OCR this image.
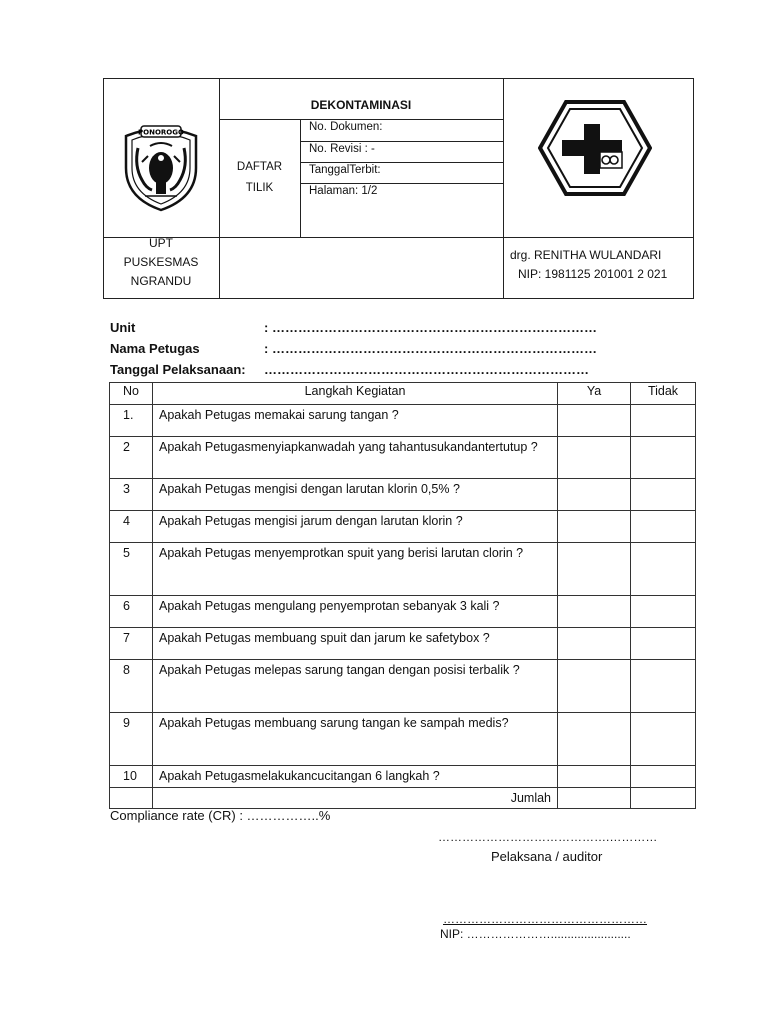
PONOROGO
DEKONTAMINASI
DAFTAR
TILIK
No. Dokumen:
No. Revisi : -
TanggalTerbit:
Halaman: 1/2
UPT
PUSKESMAS
NGRANDU
drg. RENITHA WULANDARI
NIP: 1981125 201001 2 021
Unit	: …………………………………………………………………
Nama Petugas	: …………………………………………………………………
Tanggal Pelaksanaan: …………………………………………………………………
No	Langkah Kegiatan	Ya	Tidak
1.	Apakah Petugas memakai sarung tangan ?		
2	Apakah Petugasmenyiapkanwadah yang tahantusukandantertutup ?		
3	Apakah Petugas mengisi dengan larutan klorin 0,5% ?		
4	Apakah Petugas mengisi jarum dengan larutan klorin ?		
5	Apakah Petugas menyemprotkan spuit yang berisi larutan clorin ?		
6	Apakah Petugas mengulang penyemprotan sebanyak 3 kali ?		
7	Apakah Petugas membuang spuit dan jarum ke safetybox ?		
8	Apakah Petugas melepas sarung tangan dengan posisi terbalik ?		
9	Apakah Petugas membuang sarung tangan ke sampah medis?		
10	Apakah Petugasmelakukancucitangan 6 langkah ?		
	Jumlah		
Compliance rate (CR) : ……………..%
…………………………………….…………
Pelaksana / auditor
……………………………………………
NIP: …………………........................
